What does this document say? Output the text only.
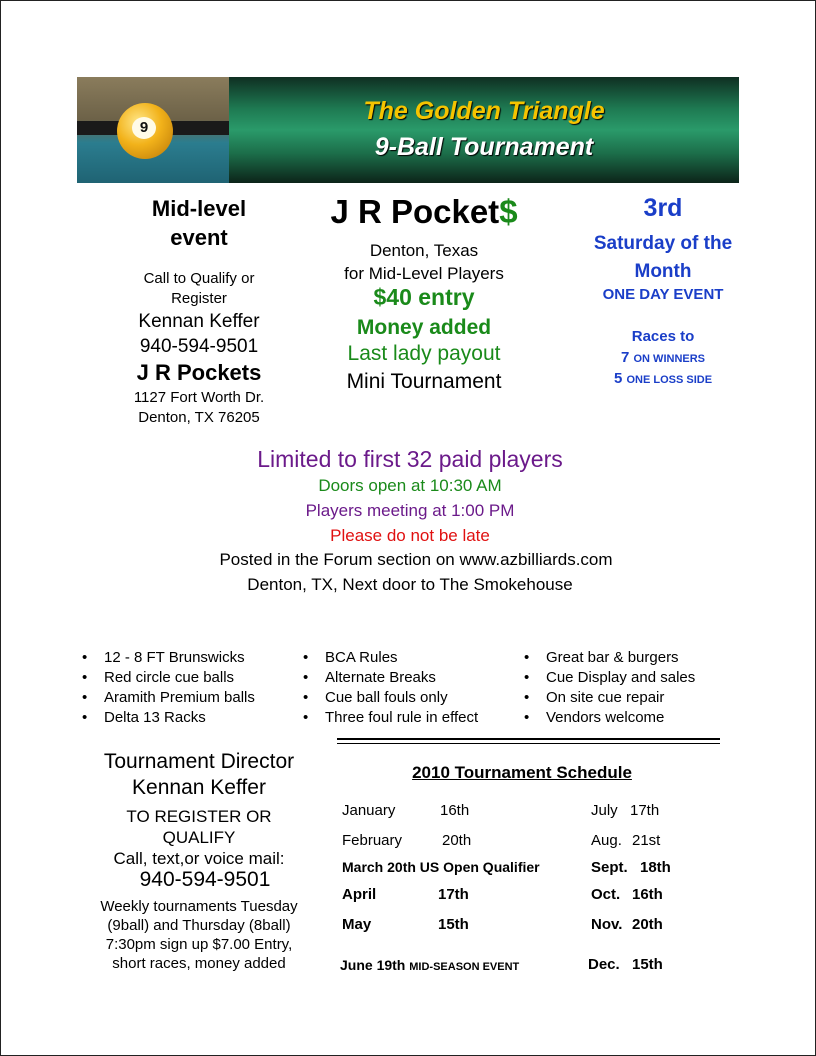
9
The Golden Triangle
9-Ball Tournament
Mid-level
event
Call to Qualify or
Register
Kennan Keffer
940-594-9501
J R Pockets
1127 Fort Worth Dr.
Denton, TX 76205
J R Pocket$
Denton, Texas
for Mid-Level Players
$40 entry
Money added
Last lady payout
Mini Tournament
3rd
Saturday of the
Month
ONE DAY EVENT
Races to
7 ON WINNERS
5 ONE LOSS SIDE
Limited to first 32 paid players
Doors open at 10:30 AM
Players meeting at 1:00 PM
Please do not be late
Posted in the Forum section on www.azbilliards.com
Denton, TX, Next door to The Smokehouse
• 12 - 8 FT Brunswicks
• Red circle cue balls
• Aramith Premium balls
• Delta 13 Racks
• BCA Rules
• Alternate Breaks
• Cue ball fouls only
• Three foul rule in effect
• Great bar & burgers
• Cue Display and sales
• On site cue repair
• Vendors welcome
Tournament Director
Kennan Keffer
TO REGISTER OR
QUALIFY
Call, text,or voice mail:
940-594-9501
Weekly tournaments Tuesday
(9ball) and Thursday (8ball)
7:30pm sign up $7.00 Entry,
short races, money added
2010 Tournament Schedule
January	16th	July 17th
February	20th	Aug. 21st
March 20th US Open Qualifier	Sept. 18th
April	17th	Oct. 16th
May	15th	Nov. 20th
June 19th MID-SEASON EVENT	Dec. 15th
